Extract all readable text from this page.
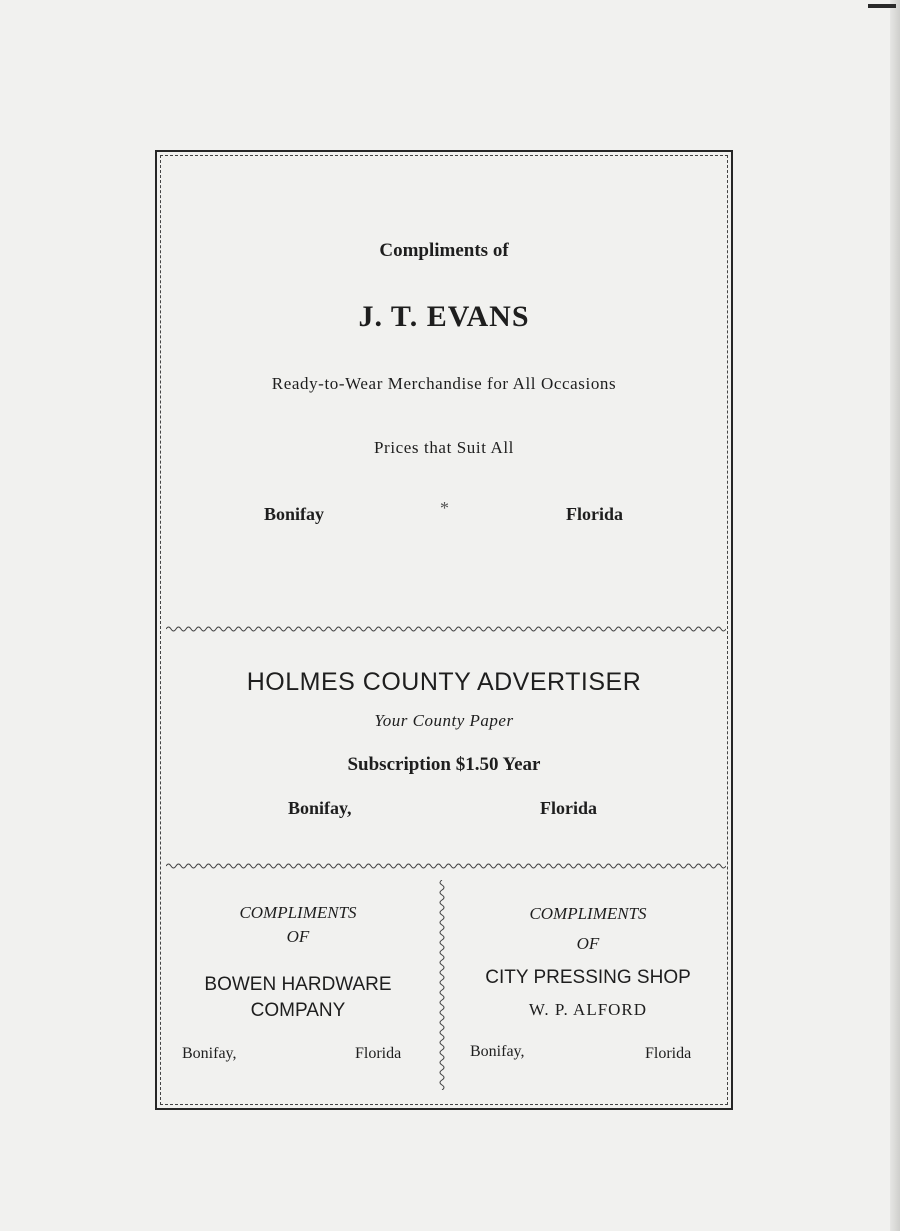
Compliments of
J. T. EVANS
Ready-to-Wear Merchandise for All Occasions
Prices that Suit All
Bonifay	*	Florida
HOLMES COUNTY ADVERTISER
Your County Paper
Subscription $1.50 Year
Bonifay,	Florida
COMPLIMENTS
OF
BOWEN HARDWARE
COMPANY
Bonifay,	Florida
COMPLIMENTS
OF
CITY PRESSING SHOP
W. P. ALFORD
Bonifay,	Florida
